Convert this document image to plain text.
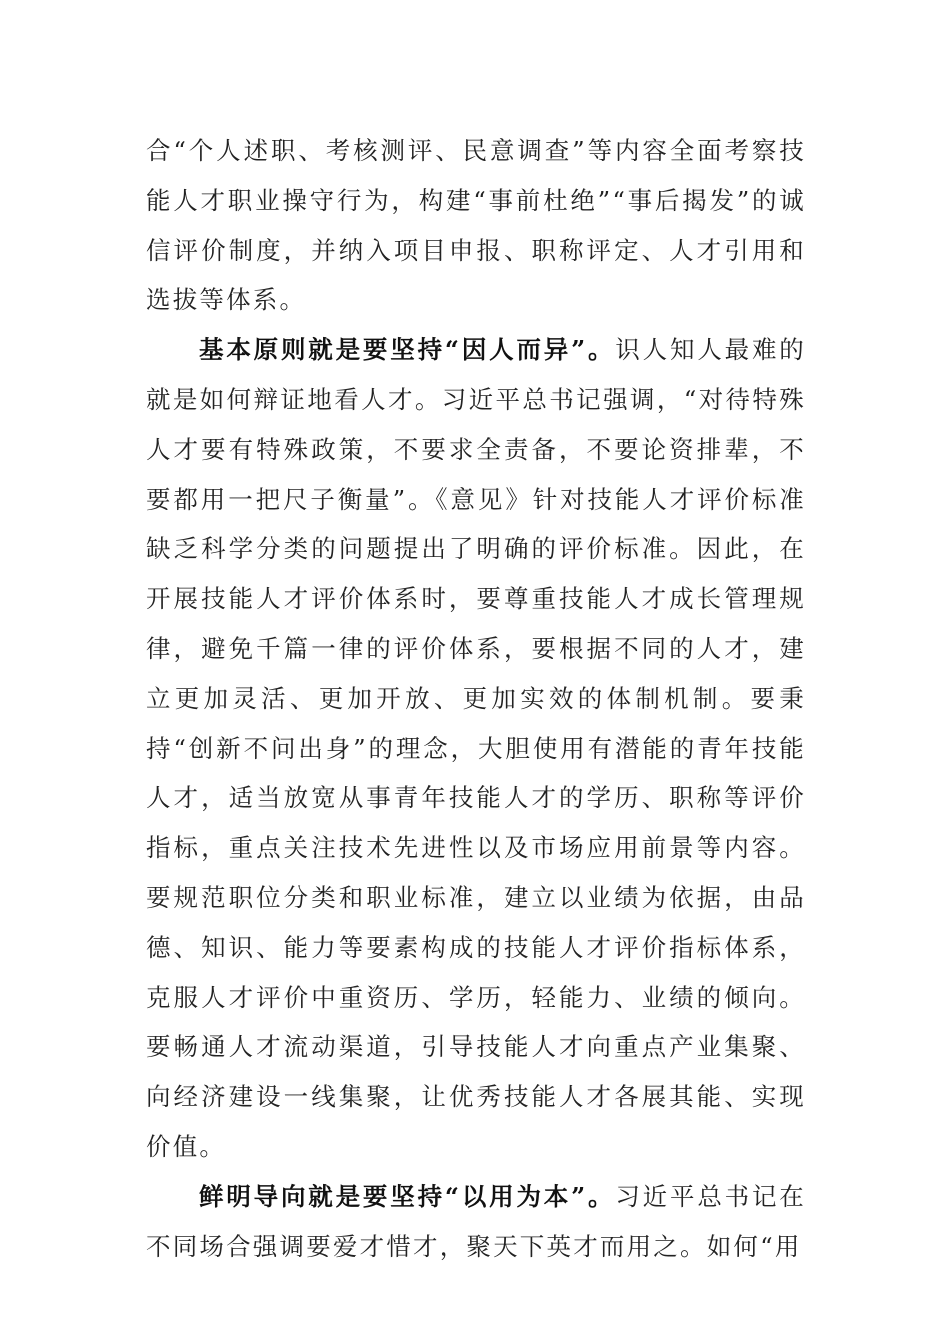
合“个人述职、考核测评、民意调查”等内容全面考察技能人才职业操守行为，构建“事前杜绝”“事后揭发”的诚信评价制度，并纳入项目申报、职称评定、人才引用和选拔等体系。

基本原则就是要坚持“因人而异”。识人知人最难的就是如何辩证地看人才。习近平总书记强调，“对待特殊人才要有特殊政策，不要求全责备，不要论资排辈，不要都用一把尺子衡量”。《意见》针对技能人才评价标准缺乏科学分类的问题提出了明确的评价标准。因此，在开展技能人才评价体系时，要尊重技能人才成长管理规律，避免千篇一律的评价体系，要根据不同的人才，建立更加灵活、更加开放、更加实效的体制机制。要秉持“创新不问出身”的理念，大胆使用有潜能的青年技能人才，适当放宽从事青年技能人才的学历、职称等评价指标，重点关注技术先进性以及市场应用前景等内容。要规范职位分类和职业标准，建立以业绩为依据，由品德、知识、能力等要素构成的技能人才评价指标体系，克服人才评价中重资历、学历，轻能力、业绩的倾向。要畅通人才流动渠道，引导技能人才向重点产业集聚、向经济建设一线集聚，让优秀技能人才各展其能、实现价值。

鲜明导向就是要坚持“以用为本”。习近平总书记在不同场合强调要爱才惜才，聚天下英才而用之。如何“用
